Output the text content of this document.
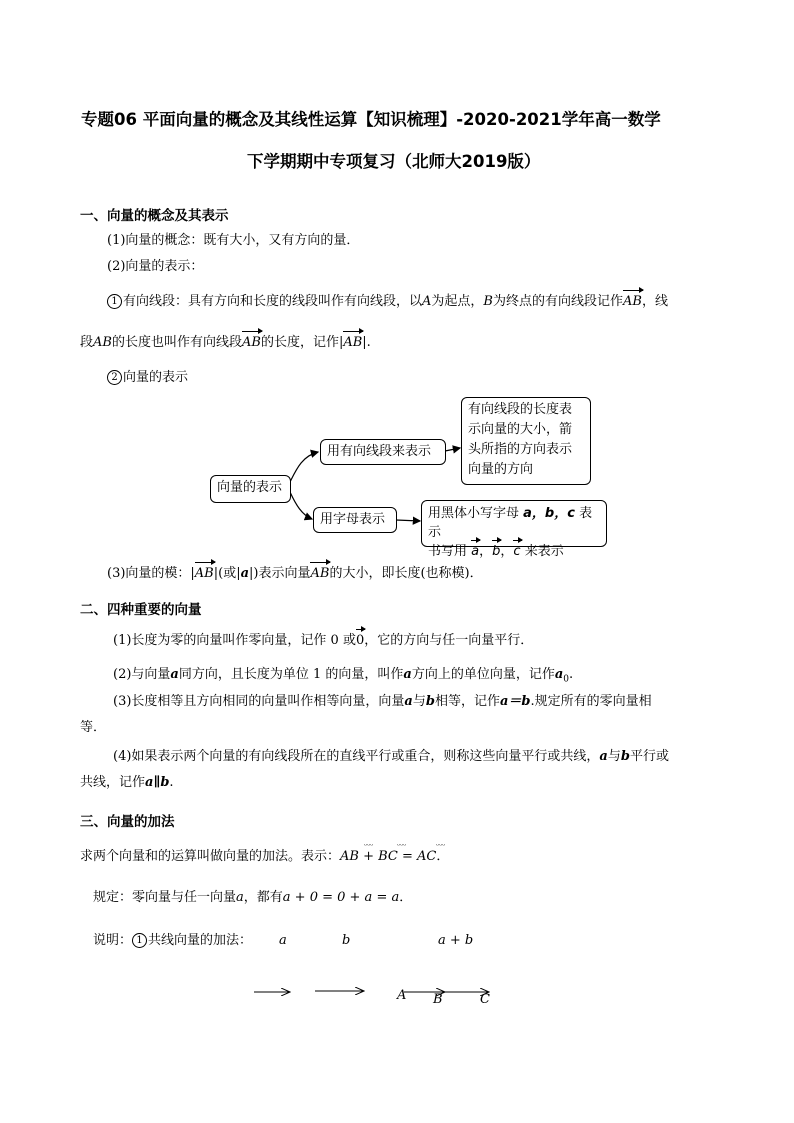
专题06 平面向量的概念及其线性运算【知识梳理】-2020-2021学年高一数学
下学期期中专项复习（北师大2019版）
一、向量的概念及其表示
(1)向量的概念：既有大小，又有方向的量．
(2)向量的表示：
1 有向线段：具有方向和长度的线段叫作有向线段，以A为起点，B为终点的有向线段记作AB，线
段AB的长度也叫作有向线段AB的长度，记作|AB|.
2 向量的表示
向量的表示
用有向线段来表示
有向线段的长度表示向量的大小，箭头所指的方向表示向量的方向
用字母表示	用黑体小写字母 a，b，c 表示
书写用 a，b，c 来表示
(3)向量的模：|AB|(或|a|)表示向量AB的大小，即长度(也称模)．
二、四种重要的向量
(1)长度为零的向量叫作零向量，记作 0 或0，它的方向与任一向量平行．
(2)与向量a同方向，且长度为单位 1 的向量，叫作a方向上的单位向量，记作$a_0$.
(3)长度相等且方向相同的向量叫作相等向量，向量a与b相等，记作a＝b.规定所有的零向量相
等．
(4)如果表示两个向量的有向线段所在的直线平行或重合，则称这些向量平行或共线，a与b平行或
共线，记作a∥b.
三、向量的加法
求两个向量和的运算叫做向量的加法。表示：AB + BC = AC．
ᵕᵕᵕ	ᵕᵕᵕ	ᵕᵕᵕ
规定：零向量与任一向量a，都有a + 0 = 0 + a = a．
说明： 1 共线向量的加法： a	b	a + b
A B	C
